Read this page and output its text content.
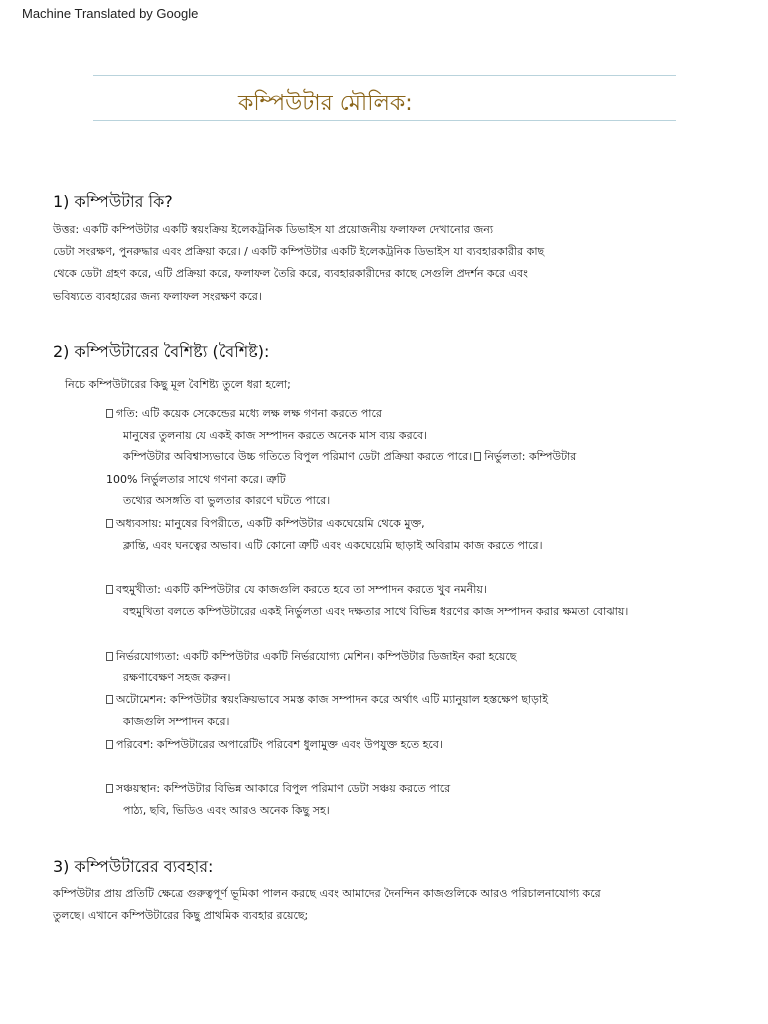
Machine Translated by Google
কম্পিউটার মৌলিক:
1) কম্পিউটার কি?
উত্তর: একটি কম্পিউটার একটি স্বয়ংক্রিয় ইলেকট্রনিক ডিভাইস যা প্রয়োজনীয় ফলাফল দেখানোর জন্য
ডেটা সংরক্ষণ, পুনরুদ্ধার এবং প্রক্রিয়া করে। / একটি কম্পিউটার একটি ইলেকট্রনিক ডিভাইস যা ব্যবহারকারীর কাছ
থেকে ডেটা গ্রহণ করে, এটি প্রক্রিয়া করে, ফলাফল তৈরি করে, ব্যবহারকারীদের কাছে সেগুলি প্রদর্শন করে এবং
ভবিষ্যতে ব্যবহারের জন্য ফলাফল সংরক্ষণ করে।
2) কম্পিউটারের বৈশিষ্ট্য (বৈশিষ্ট):
নিচে কম্পিউটারের কিছু মূল বৈশিষ্ট্য তুলে ধরা হলো;
গতি: এটি কয়েক সেকেন্ডের মধ্যে লক্ষ লক্ষ গণনা করতে পারে
মানুষের তুলনায় যে একই কাজ সম্পাদন করতে অনেক মাস ব্যয় করবে।
কম্পিউটার অবিশ্বাস্যভাবে উচ্চ গতিতে বিপুল পরিমাণ ডেটা প্রক্রিয়া করতে পারে। নির্ভুলতা: কম্পিউটার
100% নির্ভুলতার সাথে গণনা করে। ত্রুটি
তথ্যের অসঙ্গতি বা ভুলতার কারণে ঘটতে পারে।
অধ্যবসায়: মানুষের বিপরীতে, একটি কম্পিউটার একঘেয়েমি থেকে মুক্ত,
ক্লান্তি, এবং ঘনত্বের অভাব। এটি কোনো ত্রুটি এবং একঘেয়েমি ছাড়াই অবিরাম কাজ করতে পারে।
বহুমুখীতা: একটি কম্পিউটার যে কাজগুলি করতে হবে তা সম্পাদন করতে খুব নমনীয়।
বহুমুখিতা বলতে কম্পিউটারের একই নির্ভুলতা এবং দক্ষতার সাথে বিভিন্ন ধরণের কাজ সম্পাদন করার ক্ষমতা বোঝায়।
নির্ভরযোগ্যতা: একটি কম্পিউটার একটি নির্ভরযোগ্য মেশিন। কম্পিউটার ডিজাইন করা হয়েছে
রক্ষণাবেক্ষণ সহজ করুন।
অটোমেশন: কম্পিউটার স্বয়ংক্রিয়ভাবে সমস্ত কাজ সম্পাদন করে অর্থাৎ এটি ম্যানুয়াল হস্তক্ষেপ ছাড়াই
কাজগুলি সম্পাদন করে।
পরিবেশ: কম্পিউটারের অপারেটিং পরিবেশ ধুলামুক্ত এবং উপযুক্ত হতে হবে।
সঞ্চয়স্থান: কম্পিউটার বিভিন্ন আকারে বিপুল পরিমাণ ডেটা সঞ্চয় করতে পারে
পাঠ্য, ছবি, ভিডিও এবং আরও অনেক কিছু সহ।
3) কম্পিউটারের ব্যবহার:
কম্পিউটার প্রায় প্রতিটি ক্ষেত্রে গুরুত্বপূর্ণ ভূমিকা পালন করছে এবং আমাদের দৈনন্দিন কাজগুলিকে আরও পরিচালনাযোগ্য করে
তুলছে। এখানে কম্পিউটারের কিছু প্রাথমিক ব্যবহার রয়েছে;
